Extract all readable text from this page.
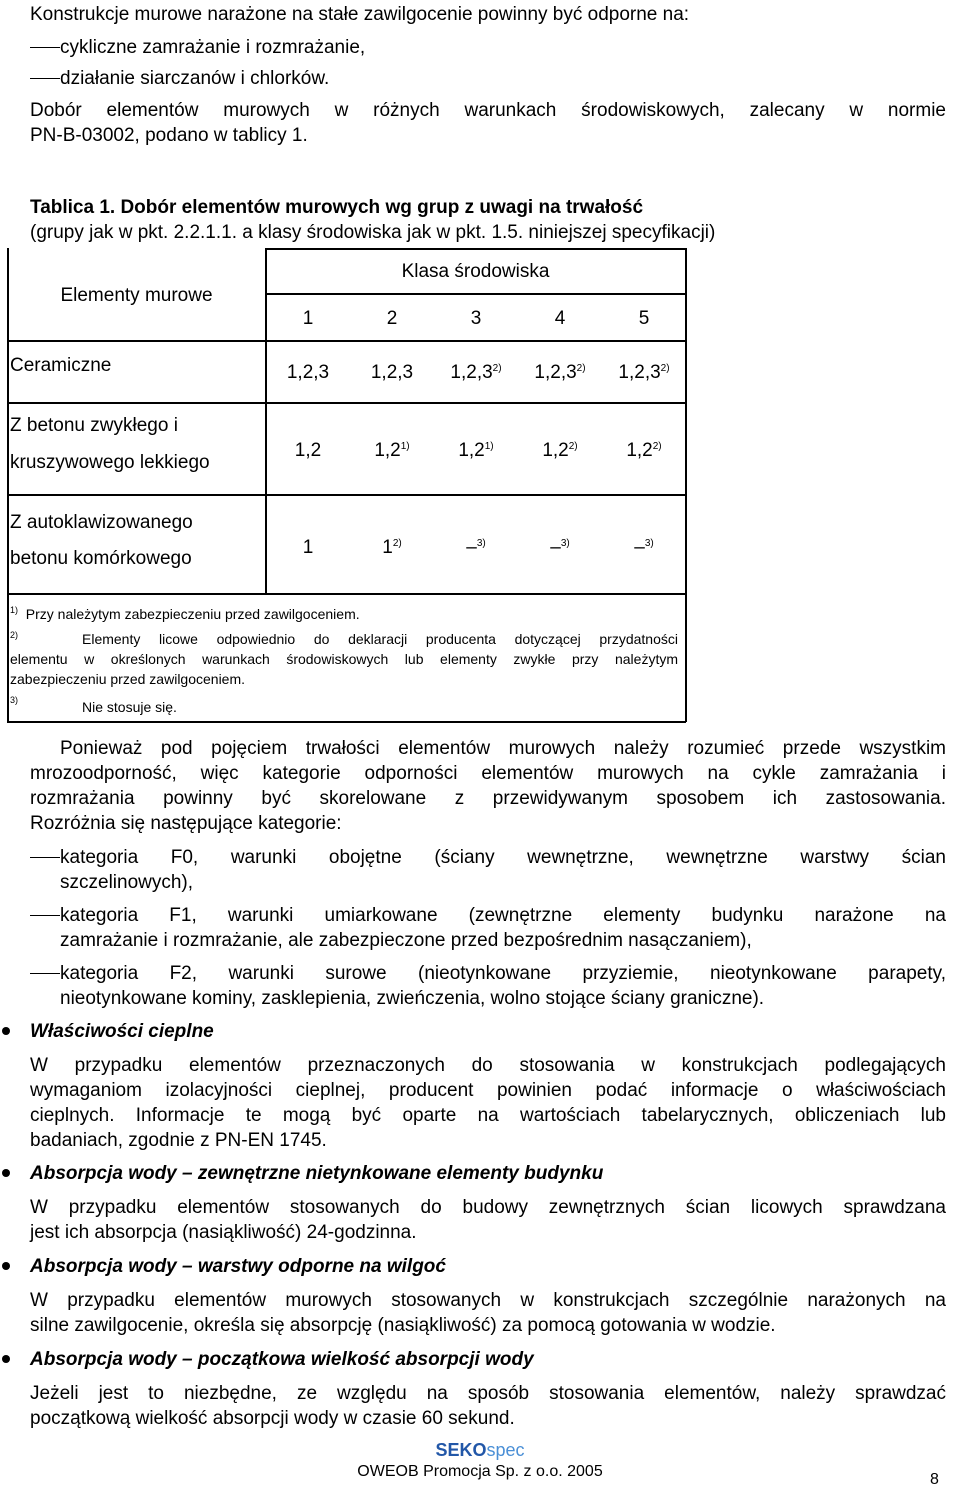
Konstrukcje murowe narażone na stałe zawilgocenie powinny być odporne na:
cykliczne zamrażanie i rozmrażanie,
działanie siarczanów i chlorków.
Dobór elementów murowych w różnych warunkach środowiskowych, zalecany w normie
PN-B-03002, podano w tablicy 1.
Tablica 1. Dobór elementów murowych wg grup z uwagi na trwałość
(grupy jak w pkt. 2.2.1.1. a klasy środowiska jak w pkt. 1.5. niniejszej specyfikacji)
Elementy murowe
Klasa środowiska
1	2	3	4	5
Ceramiczne	1,2,3	1,2,3	1,2,3$^{2)}$	1,2,3$^{2)}$	1,2,3$^{2)}$
Z betonu zwykłego i
kruszywowego lekkiego
1,2	1,2$^{1)}$	1,2$^{1)}$	1,2$^{2)}$	1,2$^{2)}$
Z autoklawizowanego
betonu komórkowego
1	1$^{2)}$	–$^{3)}$	–$^{3)}$	–$^{3)}$
$^{1)}$ Przy należytym zabezpieczeniu przed zawilgoceniem.
$^{2)}$	Elementy licowe odpowiednio do deklaracji producenta dotyczącej przydatności
elementu w określonych warunkach środowiskowych lub elementy zwykłe przy należytym
zabezpieczeniu przed zawilgoceniem.
$^{3)}$	Nie stosuje się.
Ponieważ pod pojęciem trwałości elementów murowych należy rozumieć przede wszystkim
mrozoodporność, więc kategorie odporności elementów murowych na cykle zamrażania i
rozmrażania powinny być skorelowane z przewidywanym sposobem ich zastosowania.
Rozróżnia się następujące kategorie:
kategoria F0, warunki obojętne (ściany wewnętrzne, wewnętrzne warstwy ścian
szczelinowych),
kategoria F1, warunki umiarkowane (zewnętrzne elementy budynku narażone na
zamrażanie i rozmrażanie, ale zabezpieczone przed bezpośrednim nasączaniem),
kategoria F2, warunki surowe (nieotynkowane przyziemie, nieotynkowane parapety,
nieotynkowane kominy, zasklepienia, zwieńczenia, wolno stojące ściany graniczne).
Właściwości cieplne
W przypadku elementów przeznaczonych do stosowania w konstrukcjach podlegających
wymaganiom izolacyjności cieplnej, producent powinien podać informacje o właściwościach
cieplnych. Informacje te mogą być oparte na wartościach tabelarycznych, obliczeniach lub
badaniach, zgodnie z PN-EN 1745.
Absorpcja wody – zewnętrzne nietynkowane elementy budynku
W przypadku elementów stosowanych do budowy zewnętrznych ścian licowych sprawdzana
jest ich absorpcja (nasiąkliwość) 24-godzinna.
Absorpcja wody – warstwy odporne na wilgoć
W przypadku elementów murowych stosowanych w konstrukcjach szczególnie narażonych na
silne zawilgocenie, określa się absorpcję (nasiąkliwość) za pomocą gotowania w wodzie.
Absorpcja wody – początkowa wielkość absorpcji wody
Jeżeli jest to niezbędne, ze względu na sposób stosowania elementów, należy sprawdzać
początkową wielkość absorpcji wody w czasie 60 sekund.
SEKOspec
OWEOB Promocja Sp. z o.o. 2005	8
